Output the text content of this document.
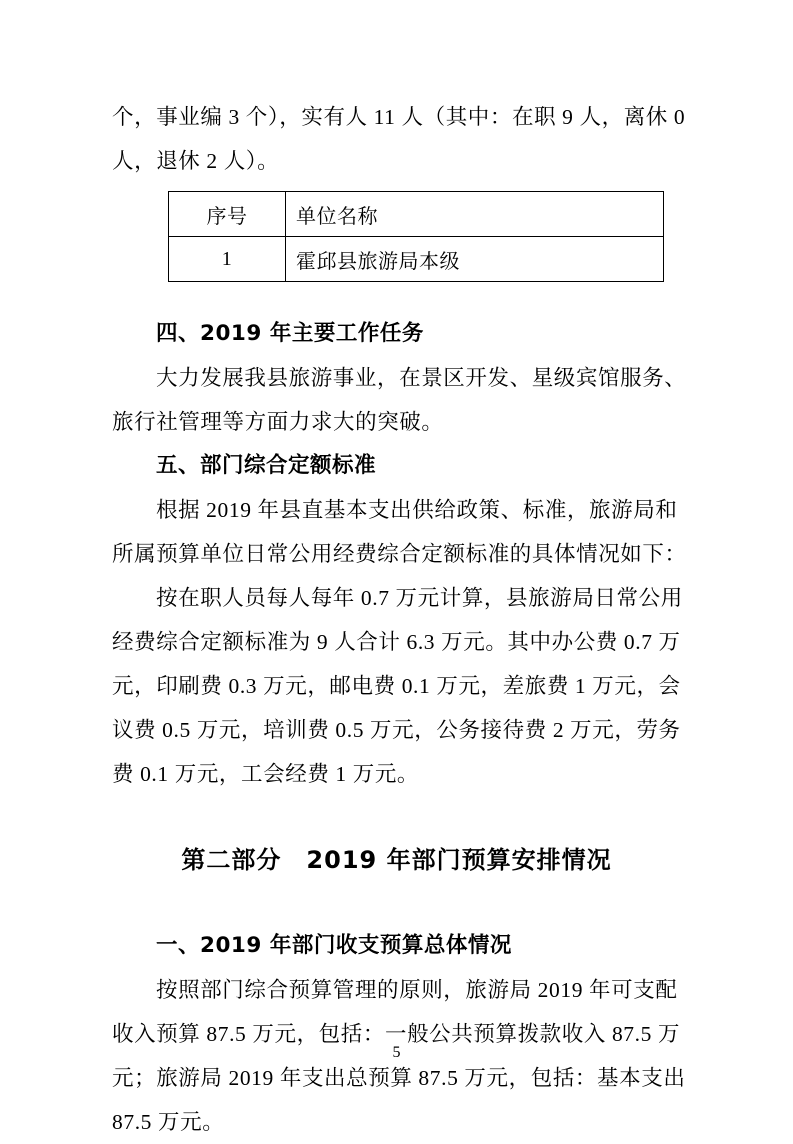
个，事业编 3 个），实有人 11 人（其中：在职 9 人，离休 0

人，退休 2 人）。

序号	单位名称
1	霍邱县旅游局本级
四、2019 年主要工作任务

大力发展我县旅游事业，在景区开发、星级宾馆服务、

旅行社管理等方面力求大的突破。

五、部门综合定额标准

根据 2019 年县直基本支出供给政策、标准，旅游局和

所属预算单位日常公用经费综合定额标准的具体情况如下：

按在职人员每人每年 0.7 万元计算，县旅游局日常公用

经费综合定额标准为 9 人合计 6.3 万元。其中办公费 0.7 万

元，印刷费 0.3 万元，邮电费 0.1 万元，差旅费 1 万元，会

议费 0.5 万元，培训费 0.5 万元，公务接待费 2 万元，劳务

费 0.1 万元，工会经费 1 万元。

第二部分　2019 年部门预算安排情况
一、2019 年部门收支预算总体情况

按照部门综合预算管理的原则，旅游局 2019 年可支配

收入预算 87.5 万元，包括：一般公共预算拨款收入 87.5 万

元；旅游局 2019 年支出总预算 87.5 万元，包括：基本支出

87.5 万元。

5
